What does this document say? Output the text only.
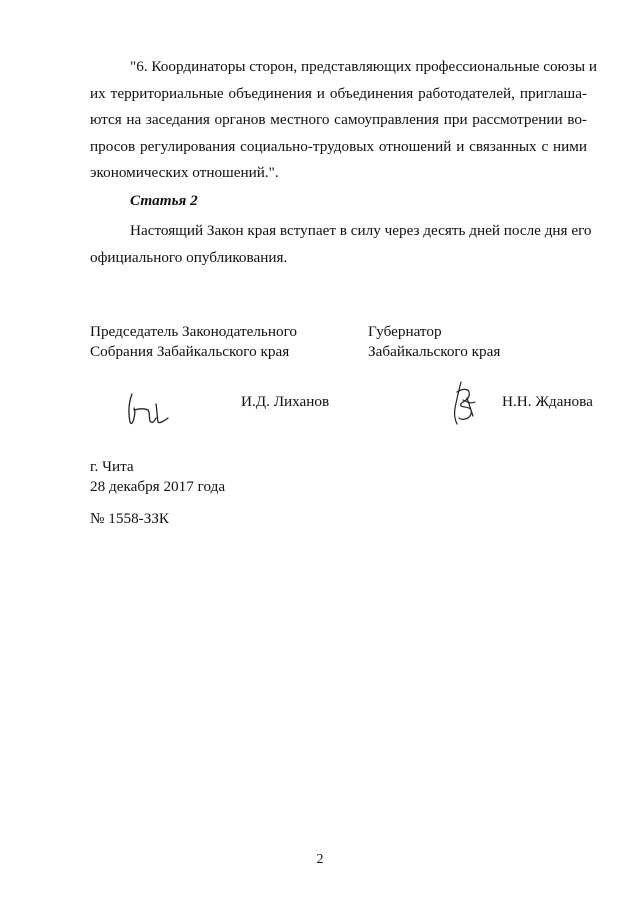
"6. Координаторы сторон, представляющих профессиональные союзы и
их территориальные объединения и объединения работодателей, приглаша-
ются на заседания органов местного самоуправления при рассмотрении во-
просов регулирования социально-трудовых отношений и связанных с ними
экономических отношений.".

Статья 2

Настоящий Закон края вступает в силу через десять дней после дня его
официального опубликования.

Председатель Законодательного
Собрания Забайкальского края
Губернатор
Забайкальского края
И.Д. Лиханов	Н.Н. Жданова
г. Чита
28 декабря 2017 года
№ 1558-ЗЗК
2
